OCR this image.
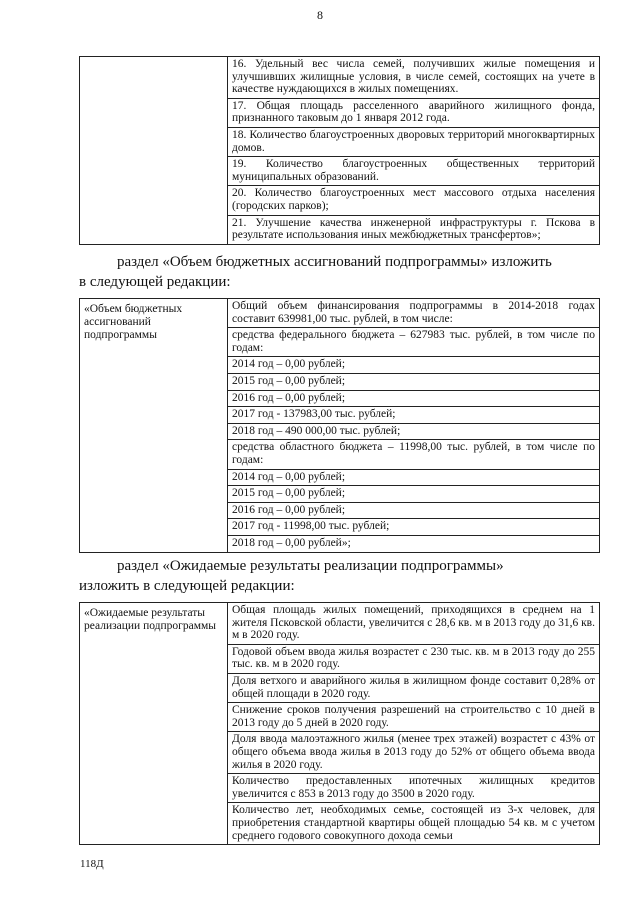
8

16. Удельный вес числа семей, получивших жилые помещения и улучшивших жилищные условия, в числе семей, состоящих на учете в качестве нуждающихся в жилых помещениях.
17. Общая площадь расселенного аварийного жилищного фонда, признанного таковым до 1 января 2012 года.
18. Количество благоустроенных дворовых территорий многоквартирных домов.
19. Количество благоустроенных общественных территорий муниципальных образований.
20. Количество благоустроенных мест массового отдыха населения (городских парков);
21. Улучшение качества инженерной инфраструктуры г. Пскова в результате использования иных межбюджетных трансфертов»;
раздел «Объем бюджетных ассигнований подпрограммы» изложить
в следующей редакции:
«Объем бюджетных ассигнований подпрограммы	
Общий объем финансирования подпрограммы в 2014-2018 годах составит 639981,00 тыс. рублей, в том числе:
средства федерального бюджета – 627983 тыс. рублей, в том числе по годам:
2014 год – 0,00 рублей;
2015 год – 0,00 рублей;
2016 год – 0,00 рублей;
2017 год - 137983,00 тыс. рублей;
2018 год – 490 000,00 тыс. рублей;
средства областного бюджета – 11998,00 тыс. рублей, в том числе по годам:
2014 год – 0,00 рублей;
2015 год – 0,00 рублей;
2016 год – 0,00 рублей;
2017 год - 11998,00 тыс. рублей;
2018 год – 0,00 рублей»;
раздел «Ожидаемые результаты реализации подпрограммы»
изложить в следующей редакции:
«Ожидаемые результаты реализации подпрограммы	
Общая площадь жилых помещений, приходящихся в среднем на 1 жителя Псковской области, увеличится с 28,6 кв. м в 2013 году до 31,6 кв. м в 2020 году.
Годовой объем ввода жилья возрастет с 230 тыс. кв. м в 2013 году до 255 тыс. кв. м в 2020 году.
Доля ветхого и аварийного жилья в жилищном фонде составит 0,28% от общей площади в 2020 году.
Снижение сроков получения разрешений на строительство с 10 дней в 2013 году до 5 дней в 2020 году.
Доля ввода малоэтажного жилья (менее трех этажей) возрастет с 43% от общего объема ввода жилья в 2013 году до 52% от общего объема ввода жилья в 2020 году.
Количество предоставленных ипотечных жилищных кредитов увеличится с 853 в 2013 году до 3500 в 2020 году.
Количество лет, необходимых семье, состоящей из 3-х человек, для приобретения стандартной квартиры общей площадью 54 кв. м с учетом среднего годового совокупного дохода семьи
118Д
